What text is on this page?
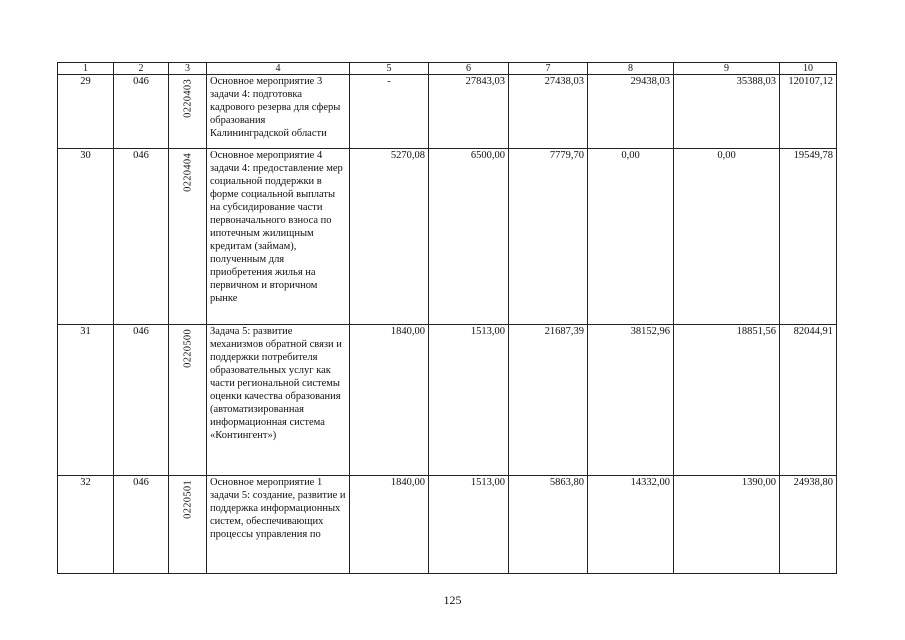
1	2	3	4	5	6	7	8	9	10
29	046	0220403	Основное мероприятие 3 задачи 4: подготовка кадрового резерва для сферы образования Калининградской области	-	27843,03	27438,03	29438,03	35388,03	120107,12
30	046	0220404	Основное мероприятие 4 задачи 4: предоставление мер социальной поддержки в форме социальной выплаты на субсидирование части первоначального взноса по ипотечным жилищным кредитам (займам), полученным для приобретения жилья на первичном и вторичном рынке	5270,08	6500,00	7779,70	0,00	0,00	19549,78
31	046	0220500	Задача 5: развитие механизмов обратной связи и поддержки потребителя образовательных услуг как части региональной системы оценки качества образования (автоматизированная информационная система «Контингент»)	1840,00	1513,00	21687,39	38152,96	18851,56	82044,91
32	046	0220501	Основное мероприятие 1 задачи 5: создание, развитие и поддержка информационных систем, обеспечивающих процессы управления по	1840,00	1513,00	5863,80	14332,00	1390,00	24938,80
125
